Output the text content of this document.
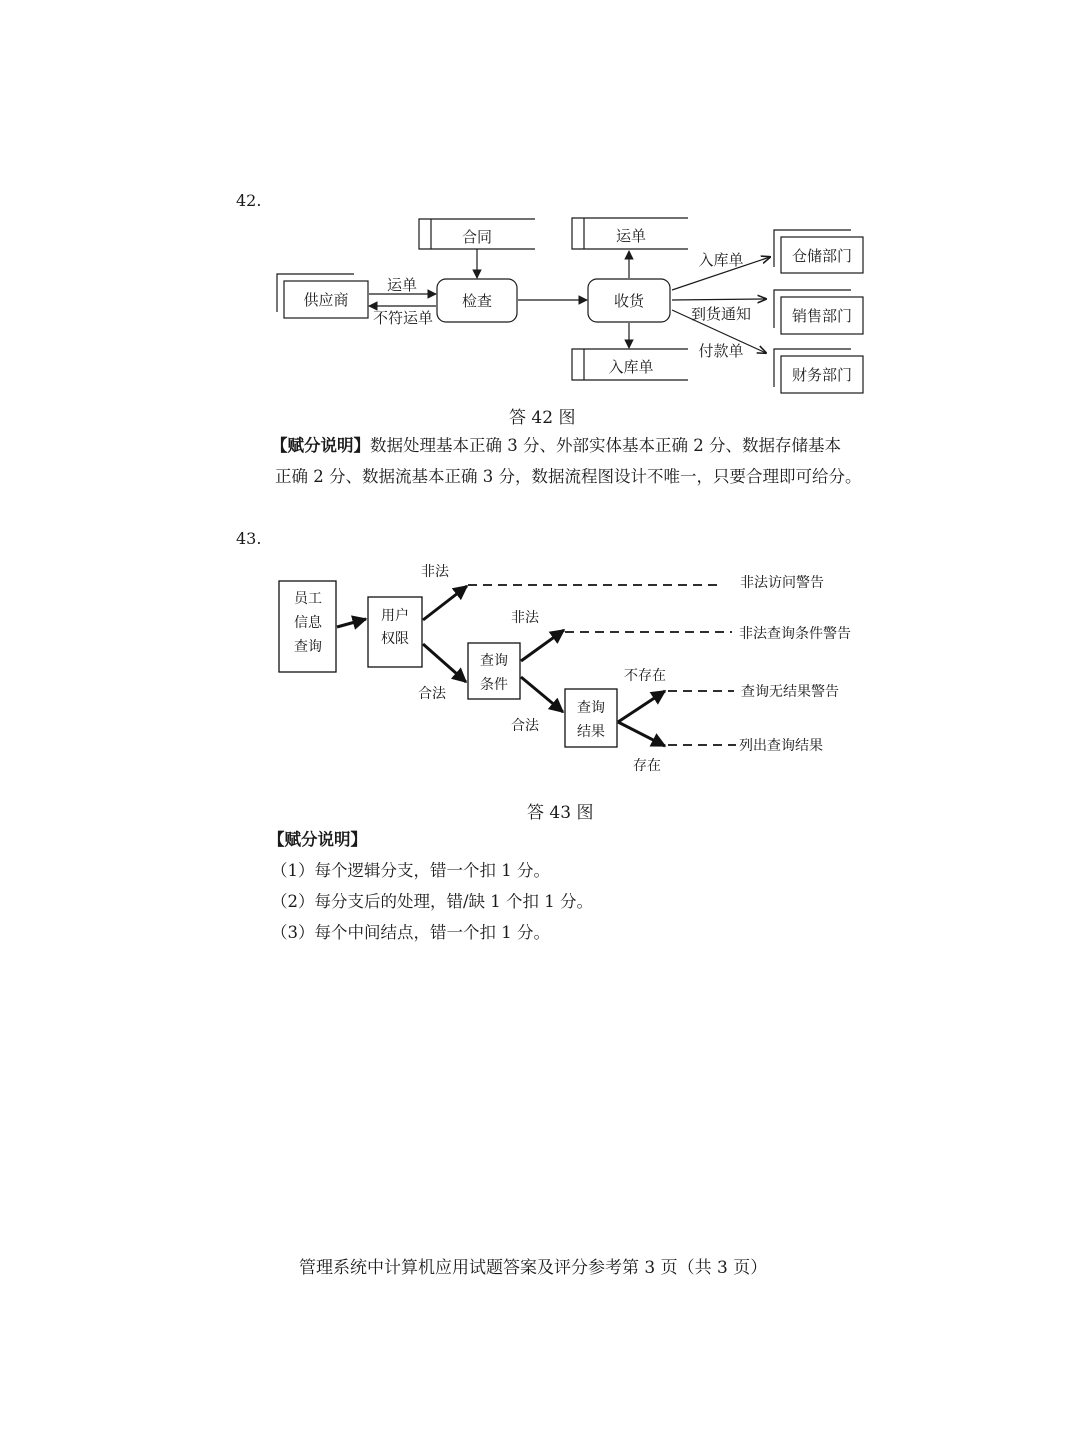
42.
合同	运单
入库单
供应商
仓储部门
销售部门
财务部门
检查	收货
运单
不符运单
入库单
到货通知
付款单
答 42 图
【赋分说明】数据处理基本正确 3 分、外部实体基本正确 2 分、数据存储基本
正确 2 分、数据流基本正确 3 分，数据流程图设计不唯一，只要合理即可给分。
43.
员工
信息
查询
用户
权限
查询
条件
查询
结果
非法
合法
非法
合法
不存在
存在
非法访问警告
非法查询条件警告
查询无结果警告
列出查询结果
答 43 图
【赋分说明】
（1）每个逻辑分支，错一个扣 1 分。
（2）每分支后的处理，错/缺 1 个扣 1 分。
（3）每个中间结点，错一个扣 1 分。
管理系统中计算机应用试题答案及评分参考第 3 页（共 3 页）
